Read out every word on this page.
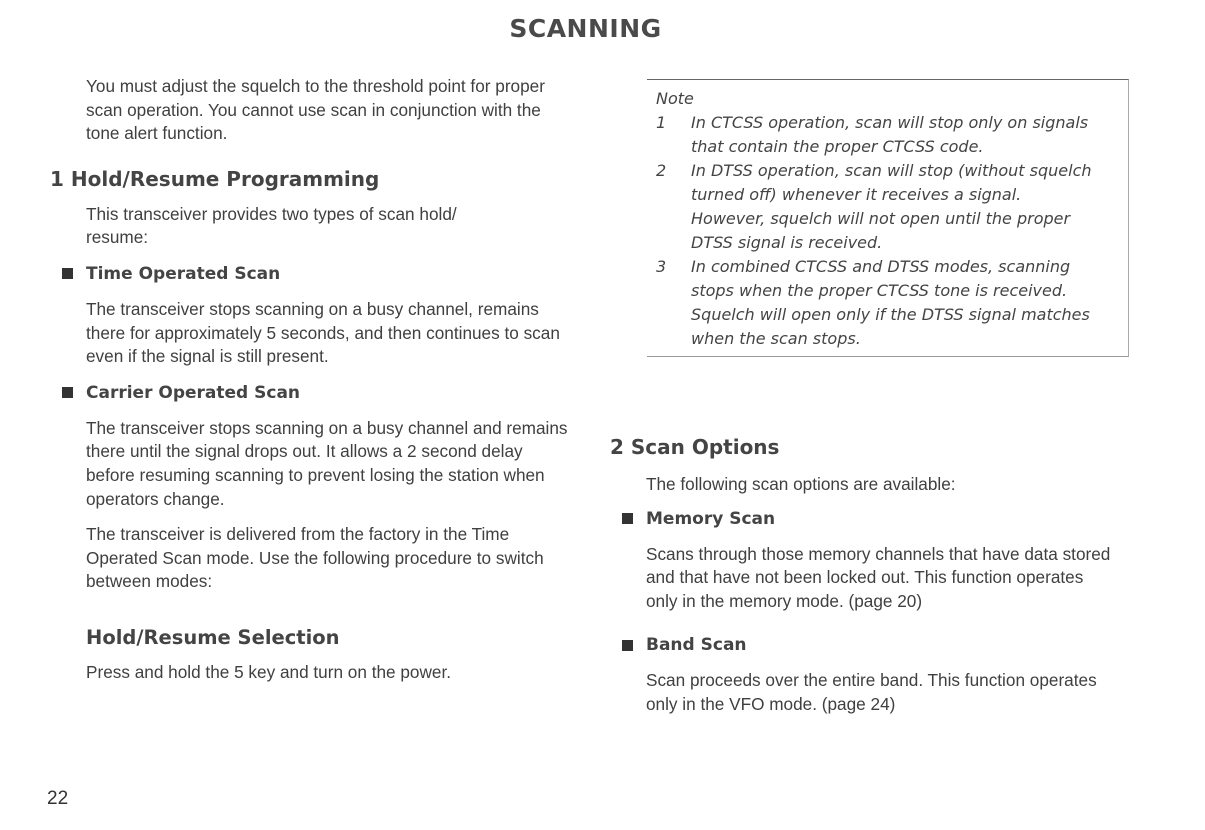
SCANNING
You must adjust the squelch to the threshold point for proper scan operation. You cannot use scan in conjunction with the tone alert function.
1 Hold/Resume Programming
This transceiver provides two types of scan hold/ resume:
Time Operated Scan
The transceiver stops scanning on a busy channel, remains there for approximately 5 seconds, and then continues to scan even if the signal is still present.
Carrier Operated Scan
The transceiver stops scanning on a busy channel and remains there until the signal drops out. It allows a 2 second delay before resuming scanning to prevent losing the station when operators change.
The transceiver is delivered from the factory in the Time Operated Scan mode. Use the following procedure to switch between modes:
Hold/Resume Selection
Press and hold the 5 key and turn on the power.
Note
1	In CTCSS operation, scan will stop only on signals that contain the proper CTCSS code.
2	In DTSS operation, scan will stop (without squelch turned off) whenever it receives a signal. However, squelch will not open until the proper DTSS signal is received.
3	In combined CTCSS and DTSS modes, scanning stops when the proper CTCSS tone is received. Squelch will open only if the DTSS signal matches when the scan stops.
2 Scan Options
The following scan options are available:
Memory Scan
Scans through those memory channels that have data stored and that have not been locked out. This function operates only in the memory mode. (page 20)
Band Scan
Scan proceeds over the entire band. This function operates only in the VFO mode. (page 24)
22
